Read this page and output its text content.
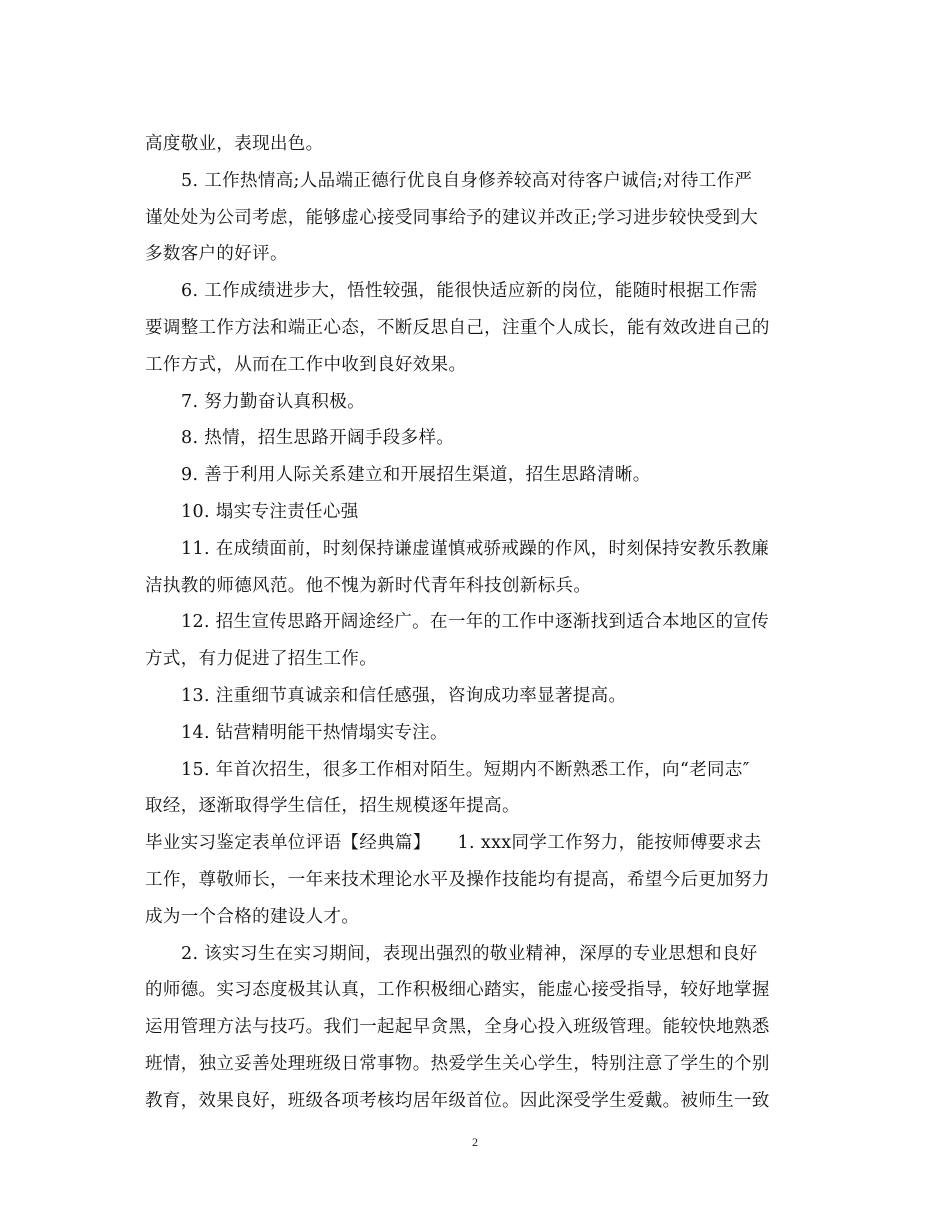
高度敬业，表现出色。
5. 工作热情高;人品端正德行优良自身修养较高对待客户诚信;对待工作严
谨处处为公司考虑，能够虚心接受同事给予的建议并改正;学习进步较快受到大
多数客户的好评。
6. 工作成绩进步大，悟性较强，能很快适应新的岗位，能随时根据工作需
要调整工作方法和端正心态，不断反思自己，注重个人成长，能有效改进自己的
工作方式，从而在工作中收到良好效果。
7. 努力勤奋认真积极。
8. 热情，招生思路开阔手段多样。
9. 善于利用人际关系建立和开展招生渠道，招生思路清晰。
10. 塌实专注责任心强
11. 在成绩面前，时刻保持谦虚谨慎戒骄戒躁的作风，时刻保持安教乐教廉
洁执教的师德风范。他不愧为新时代青年科技创新标兵。
12. 招生宣传思路开阔途经广。在一年的工作中逐渐找到适合本地区的宣传
方式，有力促进了招生工作。
13. 注重细节真诚亲和信任感强，咨询成功率显著提高。
14. 钻营精明能干热情塌实专注。
15. 年首次招生，很多工作相对陌生。短期内不断熟悉工作，向“老同志″
取经，逐渐取得学生信任，招生规模逐年提高。
毕业实习鉴定表单位评语【经典篇】　　1. xxx同学工作努力，能按师傅要求去
工作，尊敬师长，一年来技术理论水平及操作技能均有提高，希望今后更加努力
成为一个合格的建设人才。
2. 该实习生在实习期间，表现出强烈的敬业精神，深厚的专业思想和良好
的师德。实习态度极其认真，工作积极细心踏实，能虚心接受指导，较好地掌握
运用管理方法与技巧。我们一起起早贪黑，全身心投入班级管理。能较快地熟悉
班情，独立妥善处理班级日常事物。热爱学生关心学生，特别注意了学生的个别
教育，效果良好，班级各项考核均居年级首位。因此深受学生爱戴。被师生一致
2
